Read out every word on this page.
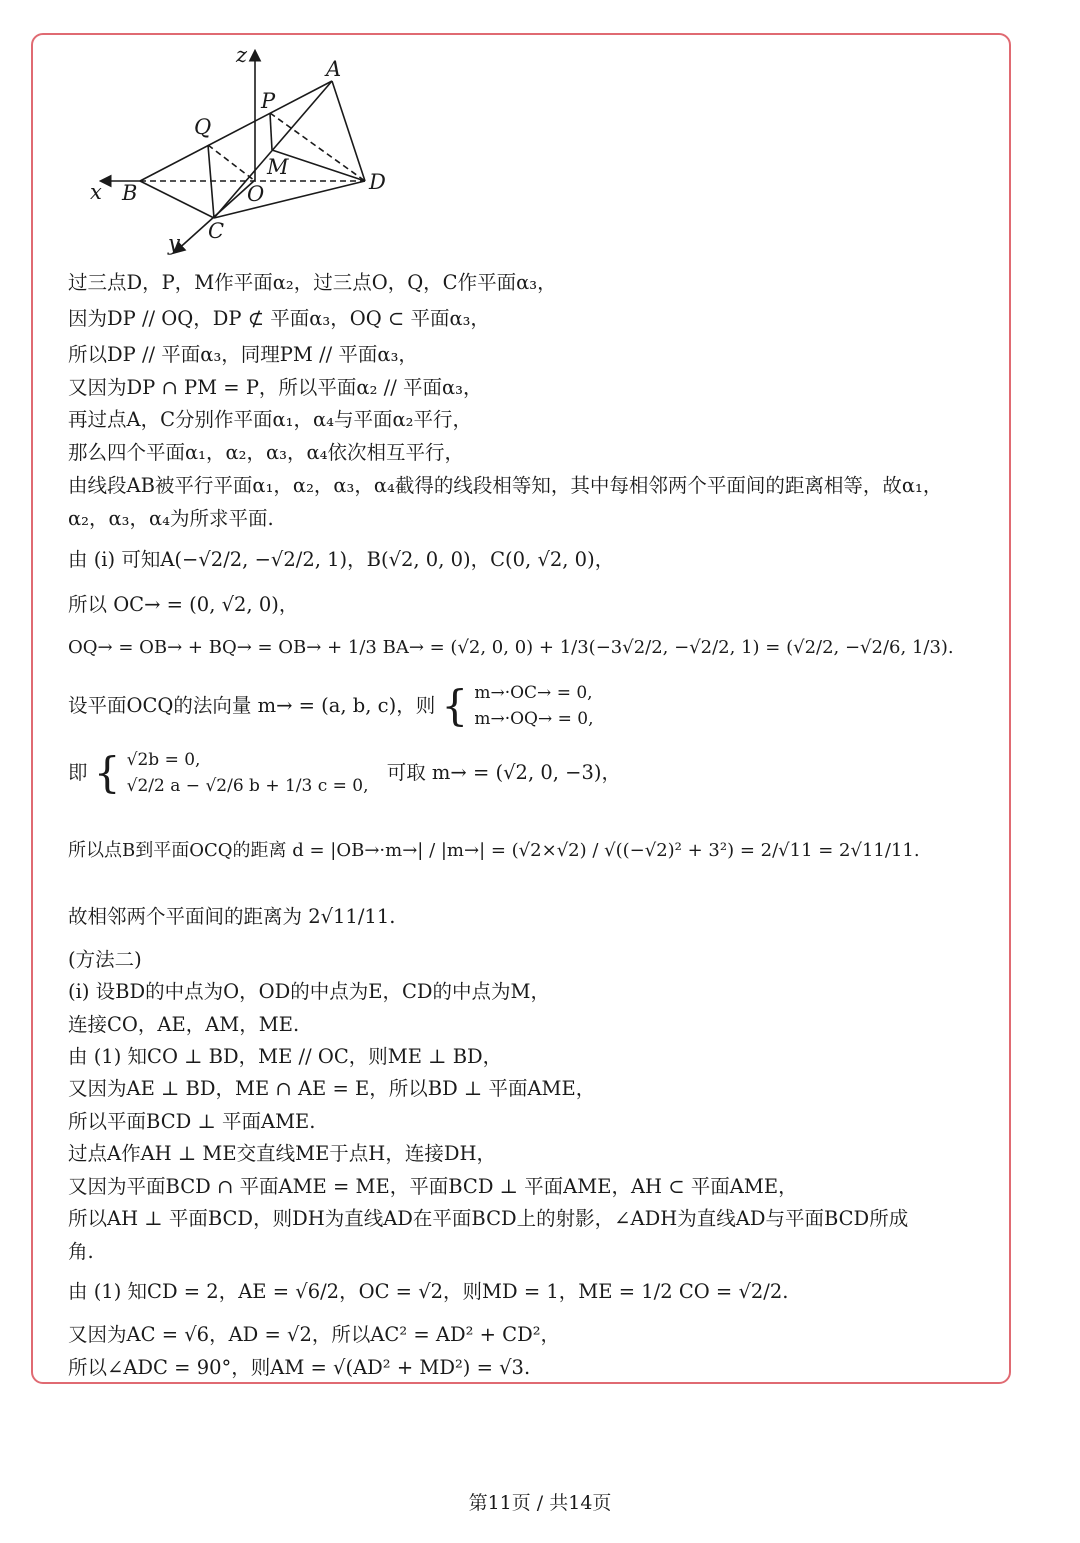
z
x
y
A
P
Q
M
B	O	D
C
过三点D，P，M作平面α₂，过三点O，Q，C作平面α₃，
因为DP // OQ，DP ⊄ 平面α₃，OQ ⊂ 平面α₃，
所以DP // 平面α₃，同理PM // 平面α₃，
又因为DP ∩ PM = P，所以平面α₂ // 平面α₃，
再过点A，C分别作平面α₁，α₄与平面α₂平行，
那么四个平面α₁，α₂，α₃，α₄依次相互平行，
由线段AB被平行平面α₁，α₂，α₃，α₄截得的线段相等知，其中每相邻两个平面间的距离相等，故α₁，
α₂，α₃，α₄为所求平面.
由 (i) 可知A(−√2/2, −√2/2, 1)，B(√2, 0, 0)，C(0, √2, 0)，
所以 OC→ = (0, √2, 0)，
OQ→ = OB→ + BQ→ = OB→ + 1/3 BA→ = (√2, 0, 0) + 1/3(−3√2/2, −√2/2, 1) = (√2/2, −√2/6, 1/3).
设平面OCQ的法向量 m→ = (a, b, c)，则 { m→·OC→ = 0,
m→·OQ→ = 0,
即 { √2b = 0,
√2/2 a − √2/6 b + 1/3 c = 0,
可取 m→ = (√2, 0, −3)，
所以点B到平面OCQ的距离 d = |OB→·m→| / |m→| = (√2×√2) / √((−√2)² + 3²) = 2/√11 = 2√11/11.
故相邻两个平面间的距离为 2√11/11.
(方法二)
(i) 设BD的中点为O，OD的中点为E，CD的中点为M，
连接CO，AE，AM，ME.
由 (1) 知CO ⊥ BD，ME // OC，则ME ⊥ BD，
又因为AE ⊥ BD，ME ∩ AE = E，所以BD ⊥ 平面AME，
所以平面BCD ⊥ 平面AME.
过点A作AH ⊥ ME交直线ME于点H，连接DH，
又因为平面BCD ∩ 平面AME = ME，平面BCD ⊥ 平面AME，AH ⊂ 平面AME，
所以AH ⊥ 平面BCD，则DH为直线AD在平面BCD上的射影，∠ADH为直线AD与平面BCD所成
角.
由 (1) 知CD = 2，AE = √6/2，OC = √2，则MD = 1，ME = 1/2 CO = √2/2.
又因为AC = √6，AD = √2，所以AC² = AD² + CD²，
所以∠ADC = 90°，则AM = √(AD² + MD²) = √3.
第11页 / 共14页
